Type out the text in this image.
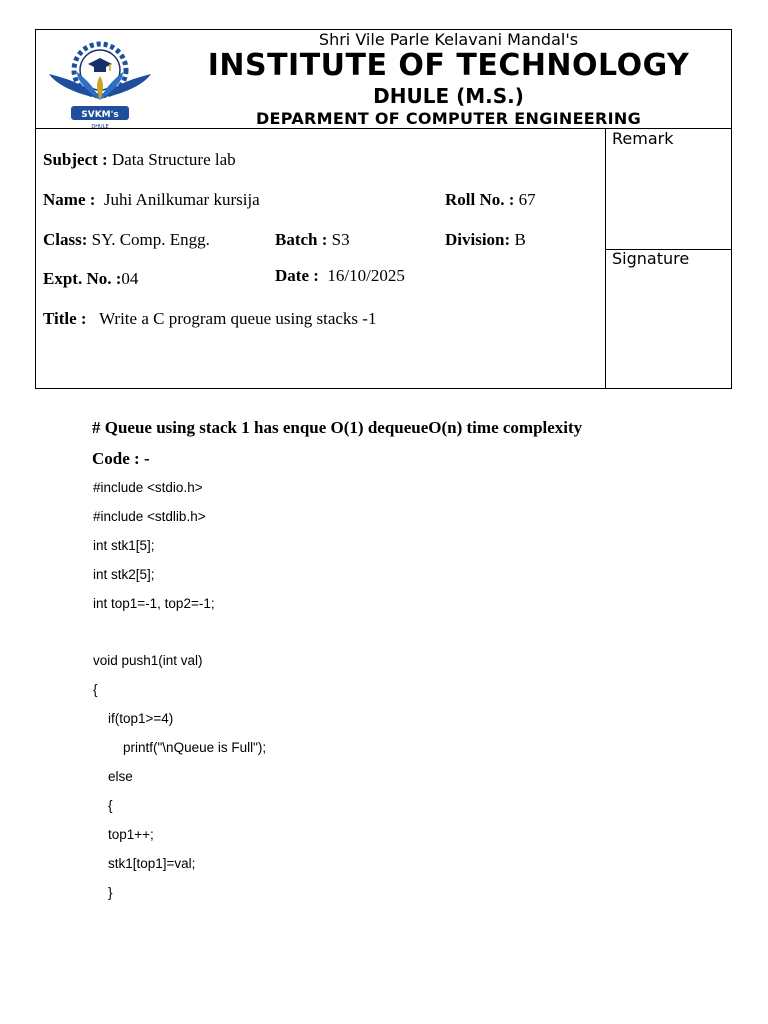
SVKM's
DHULE
Shri Vile Parle Kelavani Mandal's
INSTITUTE OF TECHNOLOGY
DHULE (M.S.)
DEPARMENT OF COMPUTER ENGINEERING
Subject : Data Structure lab
Name : Juhi Anilkumar kursija	Roll No. : 67
Class: SY. Comp. Engg.	Batch : S3	Division: B
Expt. No. :04	Date : 16/10/2025
Title : Write a C program queue using stacks -1
Remark
Signature
# Queue using stack 1 has enque O(1) dequeueO(n) time complexity
Code : -
#include <stdio.h>
#include <stdlib.h>
int stk1[5];
int stk2[5];
int top1=-1, top2=-1;
void push1(int val)
{
if(top1>=4)
printf("\nQueue is Full");
else
{
top1++;
stk1[top1]=val;
}
